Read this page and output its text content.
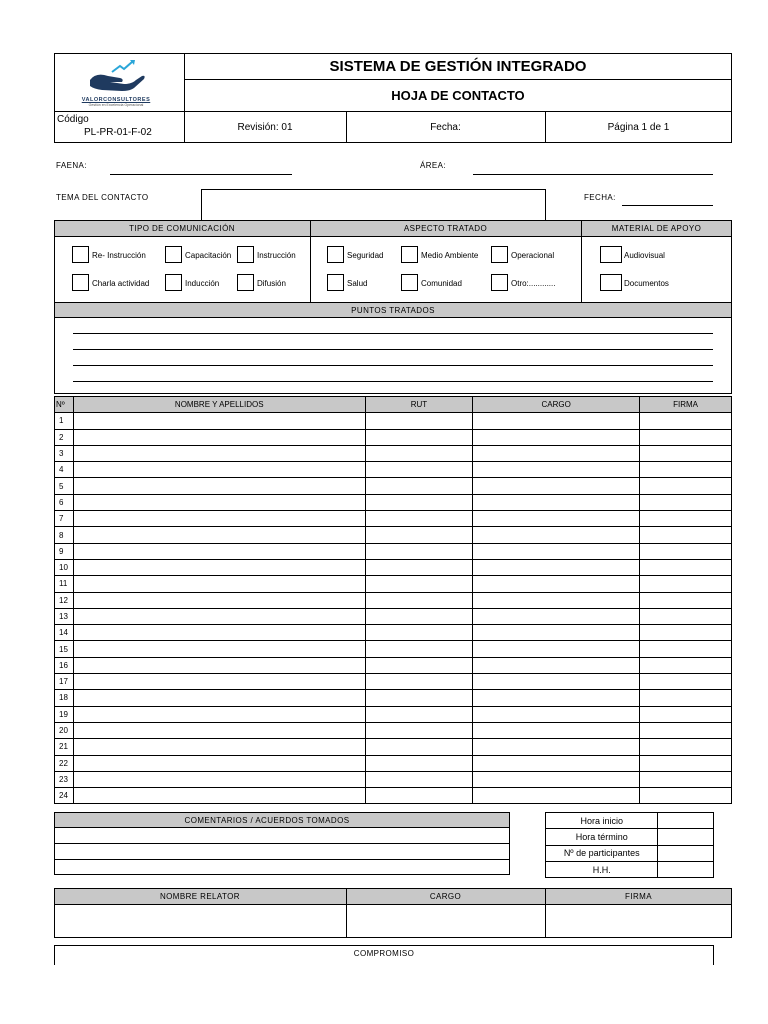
VALORCONSULTORES
Gestión en Excelencia Operacional
SISTEMA DE GESTIÓN INTEGRADO
HOJA DE CONTACTO
Código
PL-PR-01-F-02	Revisión: 01	Fecha:	Página 1 de 1
FAENA:	ÁREA:
TEMA DEL CONTACTO	FECHA:
TIPO DE COMUNICACIÓN	ASPECTO TRATADO	MATERIAL DE APOYO
Re- Instrucción	Capacitación	Instrucción
Charla actividad	Inducción	Difusión
Seguridad	Medio Ambiente	Operacional
Salud	Comunidad	Otro:............
Audiovisual
Documentos
PUNTOS TRATADOS
Nº	NOMBRE Y APELLIDOS	RUT	CARGO	FIRMA
1				
2				
3				
4				
5				
6				
7				
8				
9				
10				
11				
12				
13				
14				
15				
16				
17				
18				
19				
20				
21				
22				
23				
24				
COMENTARIOS / ACUERDOS TOMADOS	Hora inicio	
Hora término	
Nº de participantes	
H.H.	
NOMBRE RELATOR	CARGO	FIRMA
COMPROMISO
